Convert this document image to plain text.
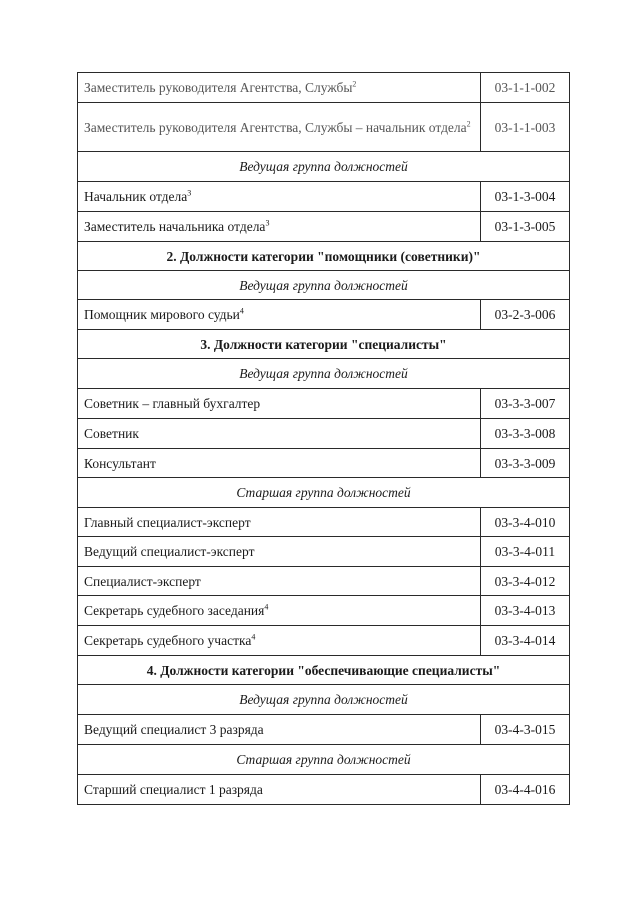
Заместитель руководителя Агентства, Службы$^2$	03-1-1-002
Заместитель руководителя Агентства, Службы – начальник отдела$^2$	03-1-1-003
Ведущая группа должностей	
Начальник отдела$^3$	03-1-3-004
Заместитель начальника отдела$^3$	03-1-3-005
2. Должности категории "помощники (советники)"	
Ведущая группа должностей	
Помощник мирового судьи$^4$	03-2-3-006
3. Должности категории "специалисты"	
Ведущая группа должностей	
Советник – главный бухгалтер	03-3-3-007
Советник	03-3-3-008
Консультант	03-3-3-009
Старшая группа должностей	
Главный специалист-эксперт	03-3-4-010
Ведущий специалист-эксперт	03-3-4-011
Специалист-эксперт	03-3-4-012
Секретарь судебного заседания$^4$	03-3-4-013
Секретарь судебного участка$^4$	03-3-4-014
4. Должности категории "обеспечивающие специалисты"	
Ведущая группа должностей	
Ведущий специалист 3 разряда	03-4-3-015
Старшая группа должностей	
Старший специалист 1 разряда	03-4-4-016
